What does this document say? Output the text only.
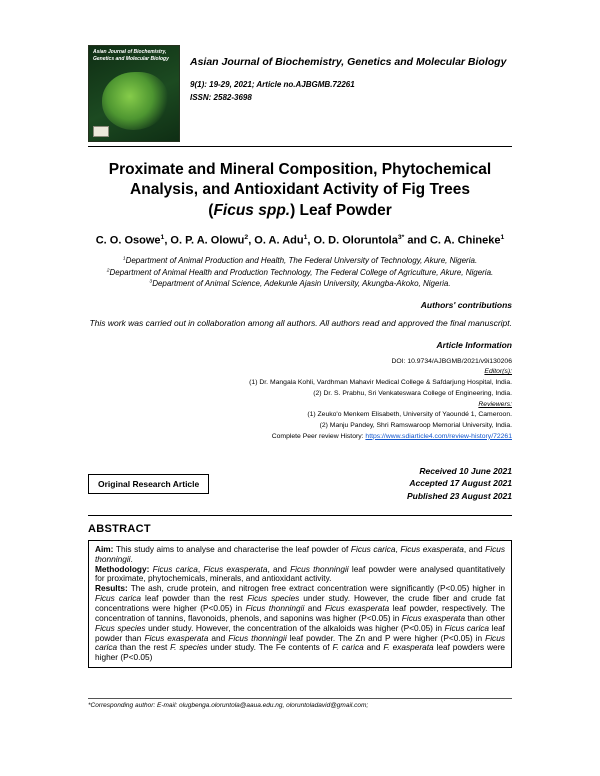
Asian Journal of Biochemistry, Genetics and Molecular Biology	Asian Journal of Biochemistry, Genetics and Molecular Biology
9(1): 19-29, 2021; Article no.AJBGMB.72261
ISSN: 2582-3698
Proximate and Mineral Composition, Phytochemical
Analysis, and Antioxidant Activity of Fig Trees
(Ficus spp.) Leaf Powder
C. O. Osowe$^1$, O. P. A. Olowu$^2$, O. A. Adu$^1$, O. D. Oloruntola$^{3*}$ and C. A. Chineke$^1$
$^1$Department of Animal Production and Health, The Federal University of Technology, Akure, Nigeria.
$^2$Department of Animal Health and Production Technology, The Federal College of Agriculture, Akure, Nigeria.
$^3$Department of Animal Science, Adekunle Ajasin University, Akungba-Akoko, Nigeria.
Authors' contributions
This work was carried out in collaboration among all authors. All authors read and approved the final manuscript.
Article Information
DOI: 10.9734/AJBGMB/2021/v9i130206
Editor(s):
(1) Dr. Mangala Kohli, Vardhman Mahavir Medical College & Safdarjung Hospital, India.
(2) Dr. S. Prabhu, Sri Venkateswara College of Engineering, India.
Reviewers:
(1) Zeuko'o Menkem Elisabeth, University of Yaoundé 1, Cameroon.
(2) Manju Pandey, Shri Ramswaroop Memorial University, India.
Complete Peer review History: https://www.sdiarticle4.com/review-history/72261
Original Research Article
Received 10 June 2021
Accepted 17 August 2021
Published 23 August 2021
ABSTRACT

Aim: This study aims to analyse and characterise the leaf powder of Ficus carica, Ficus exasperata, and Ficus thonningii.

Methodology: Ficus carica, Ficus exasperata, and Ficus thonningii leaf powder were analysed quantitatively for proximate, phytochemicals, minerals, and antioxidant activity.

Results: The ash, crude protein, and nitrogen free extract concentration were significantly (P<0.05) higher in Ficus carica leaf powder than the rest Ficus species under study. However, the crude fiber and crude fat concentrations were higher (P<0.05) in Ficus thonningii and Ficus exasperata leaf powder, respectively. The concentration of tannins, flavonoids, phenols, and saponins was higher (P<0.05) in Ficus exasperata than other Ficus species under study. However, the concentration of the alkaloids was higher (P<0.05) in Ficus carica leaf powder than Ficus exasperata and Ficus thonningii leaf powder. The Zn and P were higher (P<0.05) in Ficus carica than the rest F. species under study. The Fe contents of F. carica and F. exasperata leaf powders were higher (P<0.05)

*Corresponding author: E-mail: olugbenga.oloruntola@aaua.edu.ng, oloruntoladavid@gmail.com;
